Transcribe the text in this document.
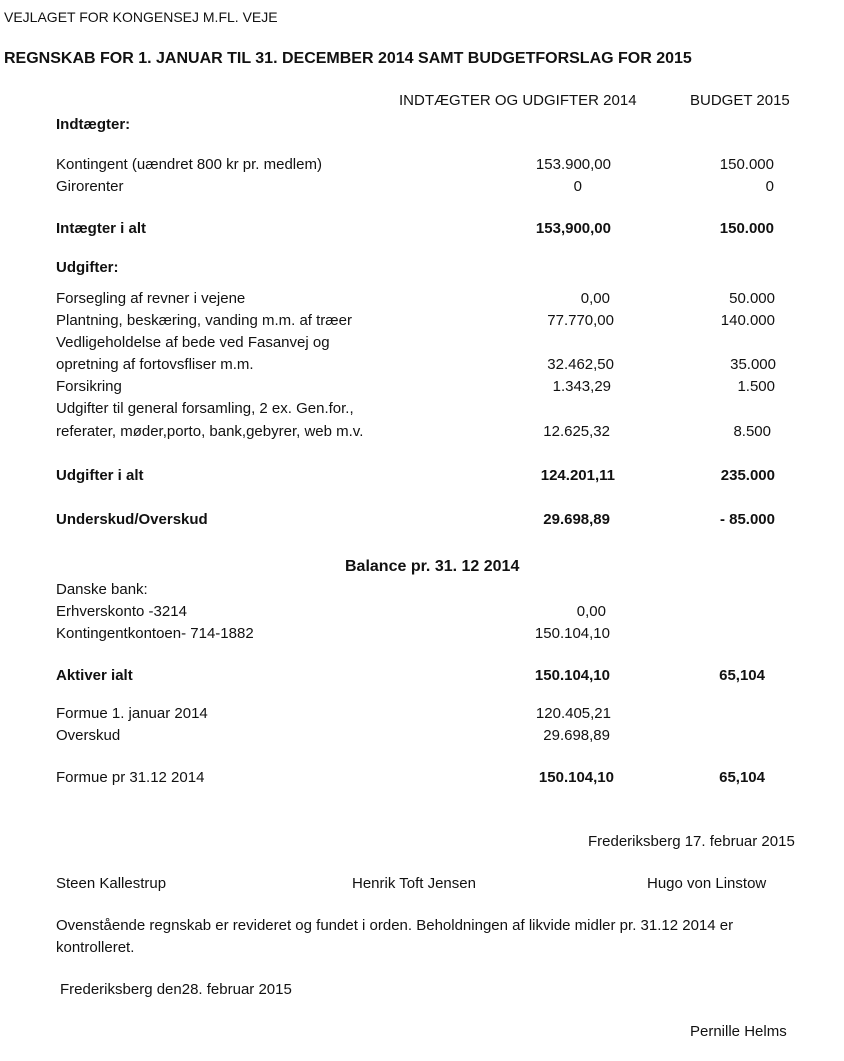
VEJLAGET FOR KONGENSEJ M.FL. VEJE
REGNSKAB FOR 1. JANUAR TIL 31. DECEMBER 2014 SAMT BUDGETFORSLAG FOR 2015
INDTÆGTER OG UDGIFTER 2014	BUDGET 2015
Indtægter:
Kontingent (uændret 800 kr pr. medlem)	153.900,00	150.000
Girorenter	0	0
Intægter i alt	153,900,00	150.000
Udgifter:
Forsegling af revner i vejene	0,00	50.000
Plantning, beskæring, vanding m.m. af træer	77.770,00	140.000
Vedligeholdelse af bede ved Fasanvej og
opretning af fortovsfliser m.m.	32.462,50	35.000
Forsikring	1.343,29	1.500
Udgifter til general forsamling, 2 ex. Gen.for.,
referater, møder,porto, bank,gebyrer, web m.v.	12.625,32	8.500
Udgifter i alt	124.201,11	235.000
Underskud/Overskud	29.698,89	- 85.000
Balance pr. 31. 12 2014
Danske bank:
Erhverskonto -3214	0,00
Kontingentkontoen- 714-1882	150.104,10
Aktiver ialt	150.104,10	65,104
Formue 1. januar 2014	120.405,21
Overskud	29.698,89
Formue pr 31.12 2014	150.104,10	65,104
Frederiksberg 17. februar 2015
Steen Kallestrup	Henrik Toft Jensen	Hugo von Linstow
Ovenstående regnskab er revideret og fundet i orden. Beholdningen af likvide midler pr. 31.12 2014 er
kontrolleret.
Frederiksberg den28. februar 2015
Pernille Helms
